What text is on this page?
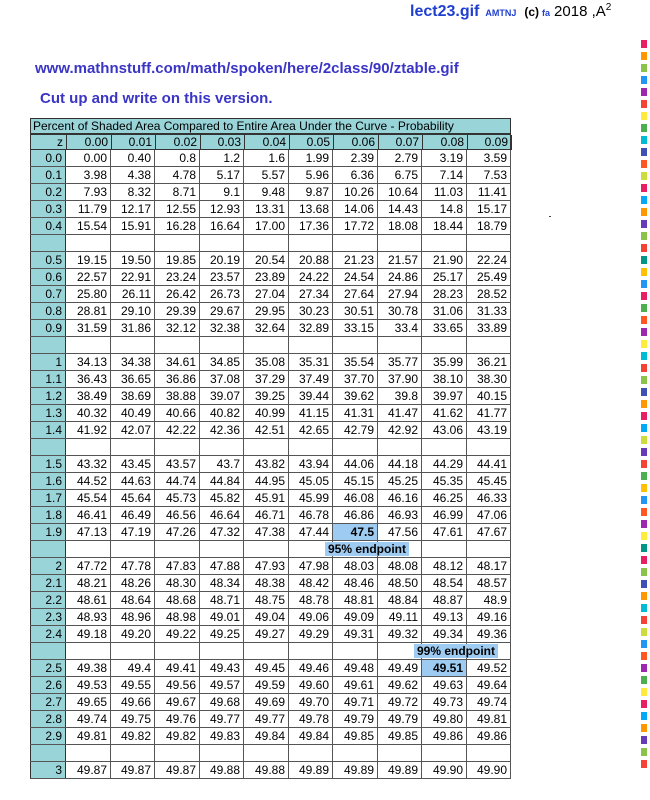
lect23.gif AMTNJ (c) fa 2018 $,A^2$
www.mathnstuff.com/math/spoken/here/2class/90/ztable.gif
Cut up and write on this version.
Percent of Shaded Area Compared to Entire Area Under the Curve - Probability
z	0.00	0.01	0.02	0.03	0.04	0.05	0.06	0.07	0.08	0.09
0.0	0.00	0.40	0.8	1.2	1.6	1.99	2.39	2.79	3.19	3.59
0.1	3.98	4.38	4.78	5.17	5.57	5.96	6.36	6.75	7.14	7.53
0.2	7.93	8.32	8.71	9.1	9.48	9.87	10.26	10.64	11.03	11.41
0.3	11.79	12.17	12.55	12.93	13.31	13.68	14.06	14.43	14.8	15.17
0.4	15.54	15.91	16.28	16.64	17.00	17.36	17.72	18.08	18.44	18.79
0.5	19.15	19.50	19.85	20.19	20.54	20.88	21.23	21.57	21.90	22.24
0.6	22.57	22.91	23.24	23.57	23.89	24.22	24.54	24.86	25.17	25.49
0.7	25.80	26.11	26.42	26.73	27.04	27.34	27.64	27.94	28.23	28.52
0.8	28.81	29.10	29.39	29.67	29.95	30.23	30.51	30.78	31.06	31.33
0.9	31.59	31.86	32.12	32.38	32.64	32.89	33.15	33.4	33.65	33.89
1	34.13	34.38	34.61	34.85	35.08	35.31	35.54	35.77	35.99	36.21
1.1	36.43	36.65	36.86	37.08	37.29	37.49	37.70	37.90	38.10	38.30
1.2	38.49	38.69	38.88	39.07	39.25	39.44	39.62	39.8	39.97	40.15
1.3	40.32	40.49	40.66	40.82	40.99	41.15	41.31	41.47	41.62	41.77
1.4	41.92	42.07	42.22	42.36	42.51	42.65	42.79	42.92	43.06	43.19
1.5	43.32	43.45	43.57	43.7	43.82	43.94	44.06	44.18	44.29	44.41
1.6	44.52	44.63	44.74	44.84	44.95	45.05	45.15	45.25	45.35	45.45
1.7	45.54	45.64	45.73	45.82	45.91	45.99	46.08	46.16	46.25	46.33
1.8	46.41	46.49	46.56	46.64	46.71	46.78	46.86	46.93	46.99	47.06
1.9	47.13	47.19	47.26	47.32	47.38	47.44	47.5	47.56	47.61	47.67
95% endpoint
2	47.72	47.78	47.83	47.88	47.93	47.98	48.03	48.08	48.12	48.17
2.1	48.21	48.26	48.30	48.34	48.38	48.42	48.46	48.50	48.54	48.57
2.2	48.61	48.64	48.68	48.71	48.75	48.78	48.81	48.84	48.87	48.9
2.3	48.93	48.96	48.98	49.01	49.04	49.06	49.09	49.11	49.13	49.16
2.4	49.18	49.20	49.22	49.25	49.27	49.29	49.31	49.32	49.34	49.36
99% endpoint
2.5	49.38	49.4	49.41	49.43	49.45	49.46	49.48	49.49	49.51	49.52
2.6	49.53	49.55	49.56	49.57	49.59	49.60	49.61	49.62	49.63	49.64
2.7	49.65	49.66	49.67	49.68	49.69	49.70	49.71	49.72	49.73	49.74
2.8	49.74	49.75	49.76	49.77	49.77	49.78	49.79	49.79	49.80	49.81
2.9	49.81	49.82	49.82	49.83	49.84	49.84	49.85	49.85	49.86	49.86
3	49.87	49.87	49.87	49.88	49.88	49.89	49.89	49.89	49.90	49.90
